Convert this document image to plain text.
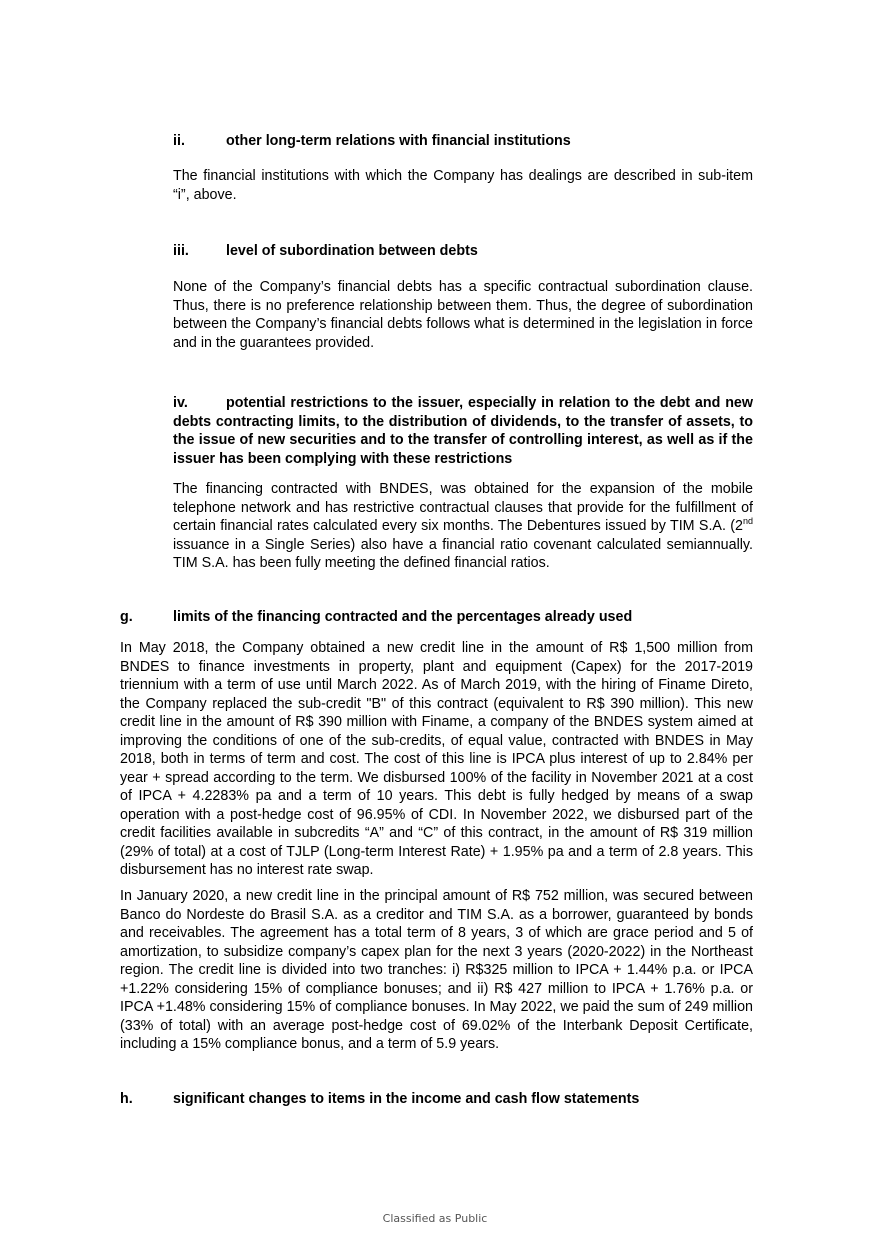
ii.	other long-term relations with financial institutions

The financial institutions with which the Company has dealings are described in sub-item “i”, above.

iii.	level of subordination between debts

None of the Company’s financial debts has a specific contractual subordination clause. Thus, there is no preference relationship between them. Thus, the degree of subordination between the Company’s financial debts follows what is determined in the legislation in force and in the guarantees provided.

iv.	potential restrictions to the issuer, especially in relation to the debt and new debts contracting limits, to the distribution of dividends, to the transfer of assets, to the issue of new securities and to the transfer of controlling interest, as well as if the issuer has been complying with these restrictions

The financing contracted with BNDES, was obtained for the expansion of the mobile telephone network and has restrictive contractual clauses that provide for the fulfillment of certain financial rates calculated every six months. The Debentures issued by TIM S.A. (2nd issuance in a Single Series) also have a financial ratio covenant calculated semiannually. TIM S.A. has been fully meeting the defined financial ratios.

g.	limits of the financing contracted and the percentages already used

In May 2018, the Company obtained a new credit line in the amount of R$ 1,500 million from BNDES to finance investments in property, plant and equipment (Capex) for the 2017-2019 triennium with a term of use until March 2022. As of March 2019, with the hiring of Finame Direto, the Company replaced the sub-credit "B" of this contract (equivalent to R$ 390 million). This new credit line in the amount of R$ 390 million with Finame, a company of the BNDES system aimed at improving the conditions of one of the sub-credits, of equal value, contracted with BNDES in May 2018, both in terms of term and cost. The cost of this line is IPCA plus interest of up to 2.84% per year + spread according to the term. We disbursed 100% of the facility in November 2021 at a cost of IPCA + 4.2283% pa and a term of 10 years. This debt is fully hedged by means of a swap operation with a post-hedge cost of 96.95% of CDI. In November 2022, we disbursed part of the credit facilities available in subcredits “A” and “C” of this contract, in the amount of R$ 319 million (29% of total) at a cost of TJLP (Long-term Interest Rate) + 1.95% pa and a term of 2.8 years. This disbursement has no interest rate swap.

In January 2020, a new credit line in the principal amount of R$ 752 million, was secured between Banco do Nordeste do Brasil S.A. as a creditor and TIM S.A. as a borrower, guaranteed by bonds and receivables. The agreement has a total term of 8 years, 3 of which are grace period and 5 of amortization, to subsidize company’s capex plan for the next 3 years (2020-2022) in the Northeast region. The credit line is divided into two tranches: i) R$325 million to IPCA + 1.44% p.a. or IPCA +1.22% considering 15% of compliance bonuses; and ii) R$ 427 million to IPCA + 1.76% p.a. or IPCA +1.48% considering 15% of compliance bonuses. In May 2022, we paid the sum of 249 million (33% of total) with an average post-hedge cost of 69.02% of the Interbank Deposit Certificate, including a 15% compliance bonus, and a term of 5.9 years.

h.	significant changes to items in the income and cash flow statements
Classified as Public
